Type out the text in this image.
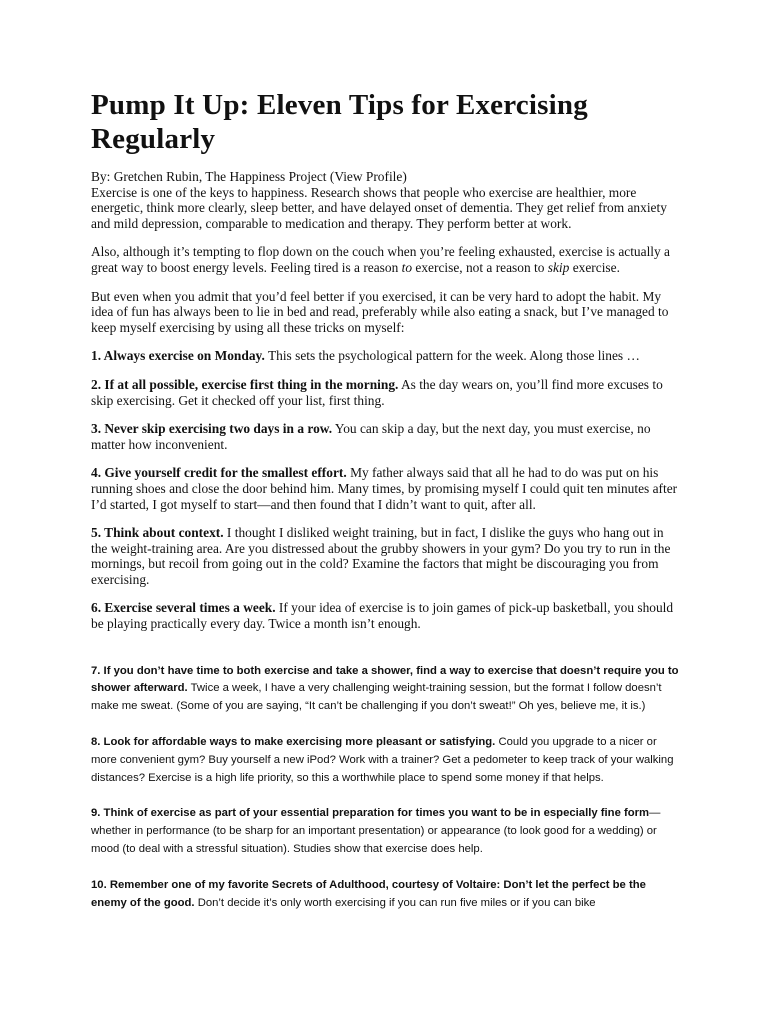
Pump It Up: Eleven Tips for Exercising Regularly

By: Gretchen Rubin, The Happiness Project (View Profile)

Exercise is one of the keys to happiness. Research shows that people who exercise are healthier, more energetic, think more clearly, sleep better, and have delayed onset of dementia. They get relief from anxiety and mild depression, comparable to medication and therapy. They perform better at work.

Also, although it’s tempting to flop down on the couch when you’re feeling exhausted, exercise is actually a great way to boost energy levels. Feeling tired is a reason to exercise, not a reason to skip exercise.

But even when you admit that you’d feel better if you exercised, it can be very hard to adopt the habit. My idea of fun has always been to lie in bed and read, preferably while also eating a snack, but I’ve managed to keep myself exercising by using all these tricks on myself:

1. Always exercise on Monday. This sets the psychological pattern for the week. Along those lines …

2. If at all possible, exercise first thing in the morning. As the day wears on, you’ll find more excuses to skip exercising. Get it checked off your list, first thing.

3. Never skip exercising two days in a row. You can skip a day, but the next day, you must exercise, no matter how inconvenient.

4. Give yourself credit for the smallest effort. My father always said that all he had to do was put on his running shoes and close the door behind him. Many times, by promising myself I could quit ten minutes after I’d started, I got myself to start—and then found that I didn’t want to quit, after all.

5. Think about context. I thought I disliked weight training, but in fact, I dislike the guys who hang out in the weight-training area. Are you distressed about the grubby showers in your gym? Do you try to run in the mornings, but recoil from going out in the cold? Examine the factors that might be discouraging you from exercising.

6. Exercise several times a week. If your idea of exercise is to join games of pick-up basketball, you should be playing practically every day. Twice a month isn’t enough.

7. If you don’t have time to both exercise and take a shower, find a way to exercise that doesn’t require you to shower afterward. Twice a week, I have a very challenging weight-training session, but the format I follow doesn’t make me sweat. (Some of you are saying, “It can’t be challenging if you don’t sweat!” Oh yes, believe me, it is.)

8. Look for affordable ways to make exercising more pleasant or satisfying. Could you upgrade to a nicer or more convenient gym? Buy yourself a new iPod? Work with a trainer? Get a pedometer to keep track of your walking distances? Exercise is a high life priority, so this a worthwhile place to spend some money if that helps.

9. Think of exercise as part of your essential preparation for times you want to be in especially fine form—whether in performance (to be sharp for an important presentation) or appearance (to look good for a wedding) or mood (to deal with a stressful situation). Studies show that exercise does help.

10. Remember one of my favorite Secrets of Adulthood, courtesy of Voltaire: Don’t let the perfect be the enemy of the good. Don’t decide it’s only worth exercising if you can run five miles or if you can bike
